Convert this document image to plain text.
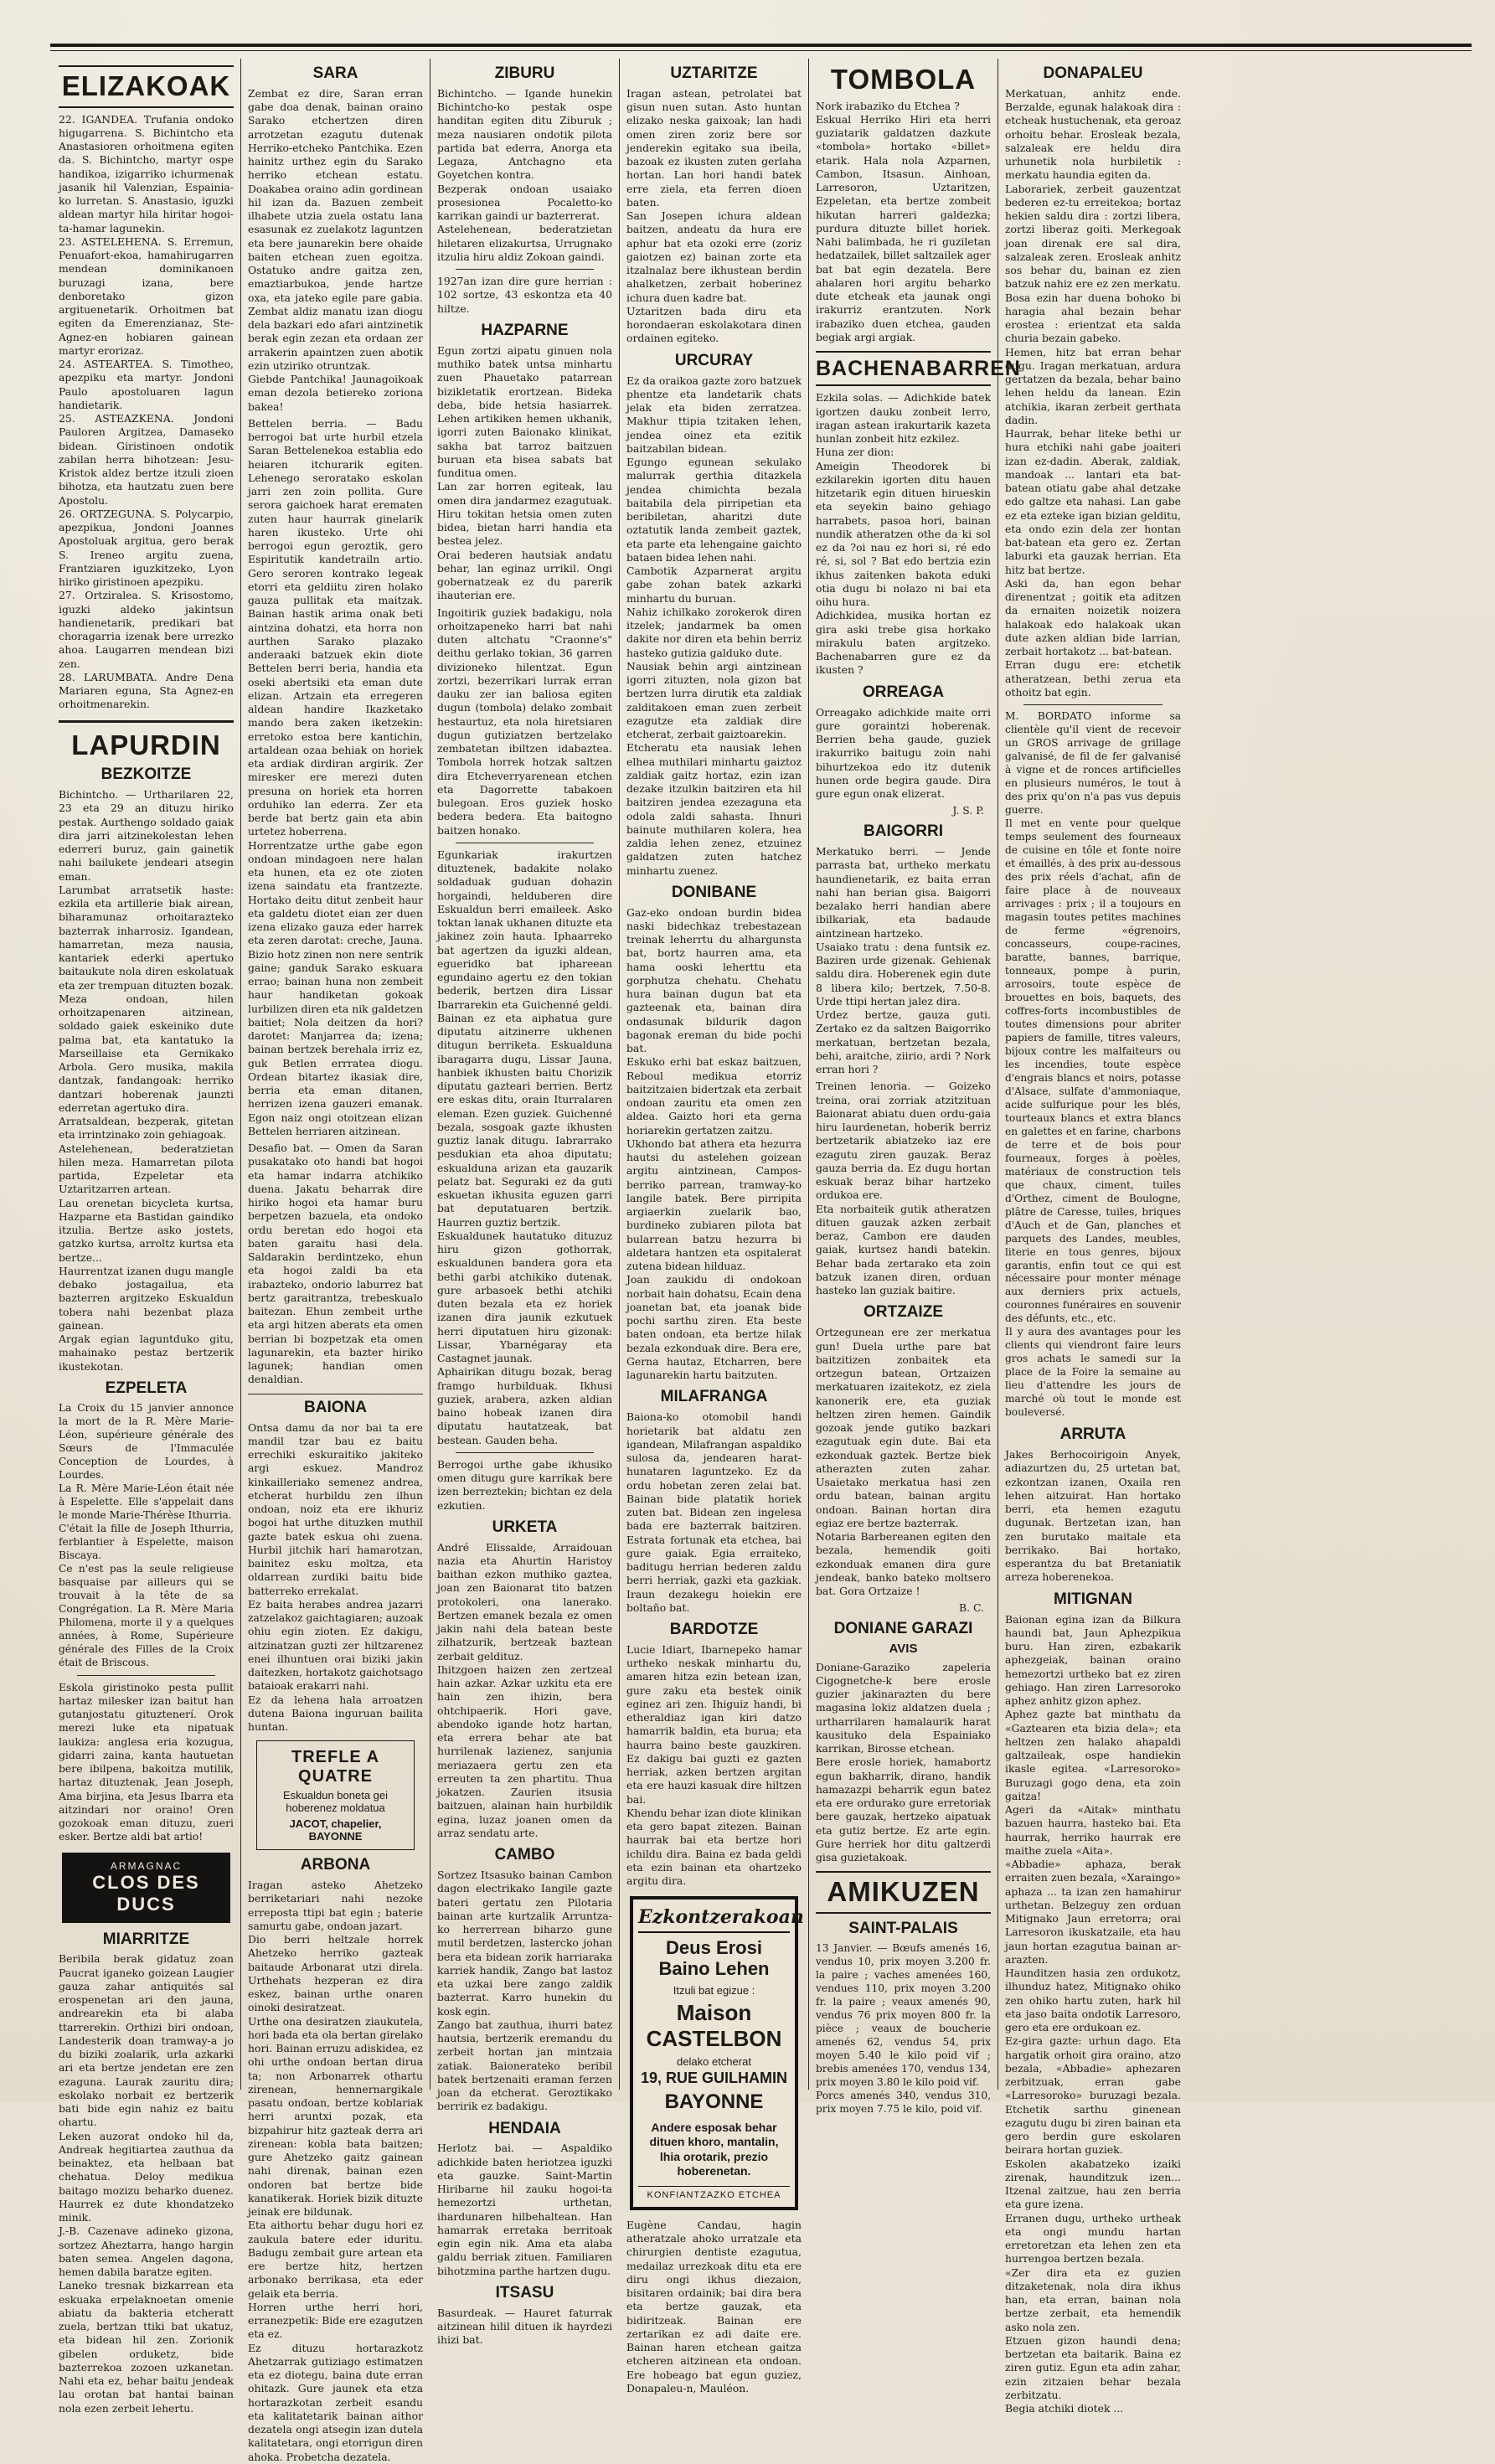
ELIZAKOAK

22. IGANDEA. Trufania ondoko higugarrena. S. Bichintcho eta Anastasioren orhoitmena egiten da. S. Bichintcho, martyr ospe handikoa, izigarriko ichurmenak jasanik hil Valenzian, Espainia-ko lurretan. S. Anastasio, iguzki aldean martyr hila hiritar hogoi-ta-hamar lagunekin.
23. ASTELEHENA. S. Erremun, Penuafort-ekoa, hamahirugarren mendean dominikanoen buruzagi izana, bere denboretako gizon argituenetarik. Orhoitmen bat egiten da Emerenzianaz, Ste-Agnez-en hobiaren gainean martyr erorizaz.
24. ASTEARTEA. S. Timotheo, apezpiku eta martyr. Jondoni Paulo apostoluaren lagun handietarik.
25. ASTEAZKENA. Jondoni Pauloren Argitzea, Damaseko bidean. Giristinoen ondotik zabilan herra bihotzean: Jesu-Kristok aldez bertze itzuli zioen bihotza, eta hautzatu zuen bere Apostolu.
26. ORTZEGUNA. S. Polycarpio, apezpikua, Jondoni Joannes Apostoluak argitua, gero berak S. Ireneo argitu zuena, Frantziaren iguzkitzeko, Lyon hiriko giristinoen apezpiku.
27. Ortziralea. S. Krisostomo, iguzki aldeko jakintsun handienetarik, predikari bat choragarria izenak bere urrezko ahoa. Laugarren mendean bizi zen.
28. LARUMBATA. Andre Dena Mariaren eguna, Sta Agnez-en orhoitmenarekin.

LAPURDIN
BEZKOITZE

Bichintcho. — Urtharilaren 22, 23 eta 29 an dituzu hiriko pestak. Aurthengo soldado gaiak dira jarri aitzinekolestan lehen ederreri buruz, gain gainetik nahi bailukete jendeari atsegin eman.
Larumbat arratsetik haste: ezkila eta artillerie biak airean, biharamunaz orhoitarazteko bazterrak inharrosiz. Igandean, hamarretan, meza nausia, kantariek ederki apertuko baitaukute nola diren eskolatuak eta zer trempuan dituzten bozak.
Meza ondoan, hilen orhoitzapenaren aitzinean, soldado gaiek eskeiniko dute palma bat, eta kantatuko la Marseillaise eta Gernikako Arbola. Gero musika, makila dantzak, fandangoak: herriko dantzari hoberenak jaunzti ederretan agertuko dira.
Arratsaldean, bezperak, gitetan eta irrintzinako zoin gehiagoak.
Astelehenean, bederatzietan hilen meza. Hamarretan pilota partida, Ezpeletar eta Uztaritzarren artean.
Lau orenetan bicycleta kurtsa, Hazparne eta Bastidan gaindiko itzulia. Bertze asko jostets, gatzko kurtsa, arroltz kurtsa eta bertze...
Haurrentzat izanen dugu mangle debako jostagailua, eta bazterren argitzeko Eskualdun tobera nahi bezenbat plaza gainean.
Argak egian laguntduko gitu, mahainako pestaz bertzerik ikustekotan.

EZPELETA

La Croix du 15 janvier annonce la mort de la R. Mère Marie-Léon, supérieure générale des Sœurs de l'Immaculée Conception de Lourdes, à Lourdes.
La R. Mère Marie-Léon était née à Espelette. Elle s'appelait dans le monde Marie-Thérèse Ithurria.
C'était la fille de Joseph Ithurria, ferblantier à Espelette, maison Biscaya.
Ce n'est pas la seule religieuse basquaise par ailleurs qui se trouvait à la tête de sa Congrégation. La R. Mère Maria Philomena, morte il y a quelques années, à Rome, Supérieure générale des Filles de la Croix était de Briscous.

Eskola giristinoko pesta pullit hartaz milesker izan baitut han gutanjostatu gituztenerí. Orok merezi luke eta nipatuak laukiza: anglesa eria kozugua, gidarri zaina, kanta hautuetan bere ibilpena, bakoitza mutilik, hartaz dituztenak, Jean Joseph, Ama birjina, eta Jesus Ibarra eta aitzindari nor oraino! Oren gozokoak eman dituzu, zueri esker. Bertze aldi bat artio!

ARMAGNAC
CLOS DES DUCS
MIARRITZE

Beribila berak gidatuz zoan Paucrat iganeko goizean Laugier gauza zahar antiquités sal erospenetan ari den jauna, andrearekin eta bi alaba ttarrerekin. Orthizi biri ondoan, Landesterik doan tramway-a jo du biziki zoalarik, urla azkarki ari eta bertze jendetan ere zen ezaguna. Laurak zauritu dira; eskolako norbait ez bertzerik bati bide egin nahiz ez baitu ohartu.
Leken auzorat ondoko hil da, Andreak hegitiartea zauthua da beinaktez, eta helbaan bat chehatua. Deloy medikua baitago mozizu beharko duenez. Haurrek ez dute khondatzeko minik.
J.-B. Cazenave adineko gizona, sortzez Aheztarra, hango hargin baten semea. Angelen dagona, hemen dabila baratze egiten.
Laneko tresnak bizkarrean eta eskuaka erpelaknoetan omenie abiatu da bakteria etcheratt zuela, bertzan ttiki bat ukatuz, eta bidean hil zen. Zorionik gibelen orduketz, bide bazterrekoa zozoen uzkanetan. Nahi eta ez, behar baitu jendeak lau orotan bat hantai bainan nola ezen zerbeit lehertu.

SARA

Zembat ez dire, Saran erran gabe doa denak, bainan oraino Sarako etchertzen diren arrotzetan ezagutu dutenak Herriko-etcheko Pantchika. Ezen hainitz urthez egin du Sarako herriko etchean estatu. Doakabea oraino adin gordinean hil izan da. Bazuen zembeit ilhabete utzia zuela ostatu lana esasunak ez zuelakotz laguntzen eta bere jaunarekin bere ohaide baiten etchean zuen egoitza. Ostatuko andre gaitza zen, emaztiarbukoa, jende hartze oxa, eta jateko egile pare gabia. Zembat aldiz manatu izan diogu dela bazkari edo afari aintzinetik berak egin zezan eta ordaan zer arrakerin apaintzen zuen abotik ezin utziriko otruntzak.
Giebde Pantchika! Jaunagoikoak eman dezola betiereko zoriona bakea!

Bettelen berria. — Badu berrogoi bat urte hurbil etzela Saran Bettelenekoa establia edo heiaren itchurarik egiten. Lehenego seroratako eskolan jarri zen zoin pollita. Gure serora gaichoek harat erematen zuten haur haurrak ginelarik haren ikusteko. Urte ohi berrogoi egun geroztik, gero Espiritutik kandetrailn artio. Gero seroren kontrako legeak etorri eta geldiitu ziren holako gauza pullitak eta maitzak. Bainan hastik arima onak beti aintzina dohatzi, eta horra non aurthen Sarako plazako anderaaki batzuek ekin diote Bettelen berri beria, handia eta oseki abertsiki eta eman dute elizan. Artzain eta erregeren aldean handire Ikazketako mando bera zaken iketzekin: erretoko estoa bere kantichin, artaldean ozaa behiak on horiek eta ardiak dirdiran argirik. Zer miresker ere merezi duten presuna on horiek eta horren orduhiko lan ederra. Zer eta berde bat bertz gain eta abin urtetez hoberrena.
Horrentzatze urthe gabe egon ondoan mindagoen nere halan eta hunen, eta ez ote zioten izena saindatu eta frantzezte. Hortako deitu ditut zenbeit haur eta galdetu diotet eian zer duen izena elizako gauza eder harrek eta zeren darotat: creche, Jauna. Bizio hotz zinen non nere sentrik gaine; ganduk Sarako eskuara errao; bainan huna non zembeit haur handiketan gokoak lurbilizen diren eta nik galdetzen baitiet; Nola deitzen da hori? darotet: Manjarrea da; izena; bainan bertzek berehala irriz ez, guk Betlen errratea diogu. Ordean bitartez ikasiak dire, berria eta eman ditanen, herrizen izena gauzeri emanak. Egon naiz ongi otoitzean elizan Bettelen herriaren aitzinean.

Desafio bat. — Omen da Saran pusakatako oto handi bat hogoi eta hamar indarra atchikiko duena. Jakatu beharrak dire hiriko hogoi eta hamar buru berpetzen bazuela, eta ondoko ordu beretan edo hogoi eta baten garaitu hasi dela. Saldarakin berdintzeko, ehun eta hogoi zaldi ba eta irabazteko, ondorio laburrez bat bertz garaitrantza, trebeskualo baitezan. Ehun zembeit urthe eta argi hitzen aberats eta omen berrian bi bozpetzak eta omen lagunarekin, eta bazter hiriko lagunek; handian omen denaldian.

BAIONA

Ontsa damu da nor bai ta ere mandil tzar bau ez baitu errechiki eskuraitiko jakiteko argi eskuez. Mandroz kinkailleriako semenez andrea, etcherat hurbildu zen ilhun ondoan, noiz eta ere ikhuriz bogoi hat urthe dituzken muthil gazte batek eskua ohi zuena. Hurbil jitchik hari hamarotzan, bainitez esku moltza, eta oldarrean zurdiki baitu bide batterreko errekalat.
Ez baita herabes andrea jazarri zatzelakoz gaichtagiaren; auzoak ohiu egin zioten. Ez dakigu, aitzinatzan guzti zer hiltzarenez enei ilhuntuen orai biziki jakin daitezken, hortakotz gaichotsago bataioak erakarri nahi.
Ez da lehena hala arroatzen dutena Baiona inguruan bailita huntan.

TREFLE A QUATRE
Eskualdun boneta gei hoberenez moldatua
JACOT, chapelier, BAYONNE
ARBONA

Iragan asteko Ahetzeko berriketariari nahi nezoke erreposta ttipi bat egin ; baterie samurtu gabe, ondoan jazart.
Dio berri heltzale horrek Ahetzeko herriko gazteak baitaude Arbonarat utzi direla. Urthehats hezperan ez dira eskez, bainan urthe onaren oinoki desiratzeat.
Urthe ona desiratzen ziaukutela, hori bada eta ola bertan girelako hori. Bainan erruzu adiskidea, ez ohi urthe ondoan bertan dirua ta; non Arbonarrek othartu zirenean, hennernargikale pasatu ondoan, bertze koblariak herri aruntxi pozak, eta bizpahirur hitz gazteak derra ari zirenean: kobla bata baitzen; gure Ahetzeko gaitz gainean nahi direnak, bainan ezen ondoren bat bertze bide kanatikerak. Horiek bizik dituzte jeinak ere bildunak.
Eta aithortu behar dugu hori ez zaukula batere eder iduritu. Badugu zembait gure artean eta ere bertze hitz, hertzen arbonako berrikasa, eta eder gelaik eta berria.
Horren urthe herri hori, erranezpetik: Bide ere ezagutzen eta ez.
Ez dituzu hortarazkotz Ahetzarrak gutiziago estimatzen eta ez diotegu, baina dute erran ohitazk. Gure jaunek eta etza hortarazkotan zerbeit esandu eta kalitatetarik bainan aithor dezatela ongi atsegin izan dutela kalitatetara, ongi etorrigun diren ahoka. Probetcha dezatela.

ZIBURU

Bichintcho. — Igande hunekin Bichintcho-ko pestak ospe handitan egiten ditu Ziburuk ; meza nausiaren ondotik pilota partida bat ederra, Anorga eta Legaza, Antchagno eta Goyetchen kontra.
Bezperak ondoan usaiako prosesionea Pocaletto-ko karrikan gaindi ur bazterrerat.
Astelehenean, bederatzietan hiletaren elizakurtsa, Urrugnako itzulia hiru aldiz Zokoan gaindi.

1927an izan dire gure herrian : 102 sortze, 43 eskontza eta 40 hiltze.

HAZPARNE

Egun zortzi aipatu ginuen nola muthiko batek untsa minhartu zuen Phauetako patarrean bizikletatik erortzean. Bideka deba, bide hetsia hasiarrek. Lehen artikiken hemen ukhanik, igorri zuten Baionako klinikat, sakha bat tarroz baitzuen buruan eta bisea sabats bat funditua omen.
Lan zar horren egiteak, lau omen dira jandarmez ezagutuak. Hiru tokitan hetsia omen zuten bidea, bietan harri handia eta bestea jelez.
Orai bederen hautsiak andatu behar, lan eginaz urrikil. Ongi gobernatzeak ez du parerik ihauterian ere.

Ingoitirik guziek badakigu, nola orhoitzapeneko harri bat nahi duten altchatu "Craonne's" deithu gerlako tokian, 36 garren divizioneko hilentzat. Egun zortzi, bezerrikari lurrak erran dauku zer ian baliosa egiten dugun (tombola) delako zombait hestaurtuz, eta nola hiretsiaren dugun gutiziatzen bertzelako zembatetan ibiltzen idabaztea. Tombola horrek hotzak saltzen dira Etcheverryarenean etchen eta Dagorrette tabakoen bulegoan. Eros guziek hosko bedera bedera. Eta baitogno baitzen honako.

Egunkariak irakurtzen dituztenek, badakite nolako soldaduak guduan dohazin horgaindi, helduberen dire Eskualdun berri emaileek. Asko toktan lanak ukhanen dituzte eta jakinez zoin hauta. Iphaarreko bat agertzen da iguzki aldean, egueridko bat iphareean egundaino agertu ez den tokian bederik, bertzen dira Lissar Ibarrarekin eta Guichenné geldi. Bainan ez eta aiphatua gure diputatu aitzinerre ukhenen ditugun berriketa. Eskualduna ibaragarra dugu, Lissar Jauna, hanbiek ikhusten baitu Chorizik diputatu gazteari berrien. Bertz ere eskas ditu, orain Iturralaren eleman. Ezen guziek. Guichenné bezala, sosgoak gazte ikhusten guztiz lanak ditugu. Iabrarrako pesdukian eta ahoa diputatu; eskualduna arizan eta gauzarik pelatz bat. Seguraki ez da guti eskuetan ikhusita eguzen garri bat deputatuaren bertzik. Haurren guztiz bertzik.
Eskualdunek hautatuko dituzuz hiru gizon gothorrak, eskualdunen bandera gora eta bethi garbi atchikiko dutenak, gure arbasoek bethi atchiki duten bezala eta ez horiek izanen dira jaunik ezkutuek herri diputatuen hiru gizonak: Lissar, Ybarnégaray eta Castagnet jaunak.
Aphairikan ditugu bozak, berag framgo hurbilduak. Ikhusi guziek, arabera, azken aldian baino hobeak izanen dira diputatu hautatzeak, bat bestean. Gauden beha.

Berrogoi urthe gabe ikhusiko omen ditugu gure karrikak bere izen berreztekin; bichtan ez dela ezkutien.

URKETA

André Elissalde, Arraidouan nazia eta Ahurtin Haristoy baithan ezkon muthiko gaztea, joan zen Baionarat tito batzen protokoleri, ona lanerako. Bertzen emanek bezala ez omen jakin nahi dela batean beste zilhatzurik, bertzeak baztean zerbait geldituz.
Ihitzgoen haizen zen zertzeal hain azkar. Azkar uzkitu eta ere hain zen ihizin, bera ohtchipaerik. Hori gave, abendoko igande hotz hartan, eta errera behar ate bat hurrilenak lazienez, sanjunia meriazaera gertu zen eta erreuten ta zen phartitu. Thua jokatzen. Zaurien itsusia baitzuen, alainan hain hurbildik egina, luzaz joanen omen da arraz sendatu arte.

CAMBO

Sortzez Itsasuko bainan Cambon dagon electrikako Iangile gazte bateri gertatu zen Pilotaria bainan arte kurtzalik Arruntza-ko herrerrean biharzo gune mutil berdetzen, lastercko johan bera eta bidean zorik harriaraka karriek handik, Zango bat lastoz eta uzkai bere zango zaldik bazterrat. Karro hunekin du kosk egin.
Zango bat zauthua, ihurri batez hautsia, bertzerik eremandu du zerbeit hortan jan mintzaia zatiak. Baionerateko beribil batek bertzenaiti eraman ferzen joan da etcherat. Geroztikako berririk ez badakigu.

HENDAIA

Herlotz bai. — Aspaldiko adichkide baten heriotzea iguzki eta gauzke. Saint-Martin Hiribarne hil zauku hogoi-ta hemezortzi urthetan, ihardunaren hilbehaltean. Han hamarrak erretaka berritoak egin egin nik. Ama eta alaba galdu berriak zituen. Familiaren bihotzmina parthe hartzen dugu.

ITSASU

Basurdeak. — Hauret faturrak aitzinean hilil dituen ik hayrdezi ihizi bat.

UZTARITZE

Iragan astean, petrolatei bat gisun nuen sutan. Asto huntan elizako neska gaixoak; lan hadi omen ziren zoriz bere sor jenderekin egitako sua ibeila, bazoak ez ikusten zuten gerlaha hortan. Lan hori handi batek erre ziela, eta ferren dioen baten.
San Josepen ichura aldean baitzen, andeatu da hura ere aphur bat eta ozoki erre (zoriz gaiotzen ez) bainan zorte eta itzalnalaz bere ikhustean berdin ahalketzen, zerbait hoberinez ichura duen kadre bat.
Uztaritzen bada diru eta horondaeran eskolakotara dinen ordainen egiteko.

URCURAY

Ez da oraikoa gazte zoro batzuek phentze eta landetarik chats jelak eta biden zerratzea. Makhur ttipia tzitaken lehen, jendea oinez eta ezitik baitzabilan bidean.
Egungo egunean sekulako malurrak gerthia ditazkela jendea chimichta bezala baitabila dela pirripetian eta beribiletan, aharitzi dute oztatutik landa zembeit gaztek, eta parte eta lehengaine gaichto bataen bidea lehen nahi.
Cambotik Azparnerat argitu gabe zohan batek azkarki minhartu du buruan.
Nahiz ichilkako zorokerok diren itzelek; jandarmek ba omen dakite nor diren eta behin berriz hasteko gutizia galduko dute.
Nausiak behin argi aintzinean igorri zituzten, nola gizon bat bertzen lurra dirutik eta zaldiak zalditakoen eman zuen zerbeit ezagutze eta zaldiak dire etcherat, zerbait gaiztoarekin.
Etcheratu eta nausiak lehen elhea muthilari minhartu gaiztoz zaldiak gaitz hortaz, ezin izan dezake itzulkin baitziren eta hil baitziren jendea ezezaguna eta odola zaldi sahasta. Ihnuri bainute muthilaren kolera, hea zaldia lehen zenez, etzuinez galdatzen zuten hatchez minhartu zuenez.

DONIBANE

Gaz-eko ondoan burdin bidea naski bidechkaz trebestazean treinak leherrtu du alhargunsta bat, bortz haurren ama, eta hama ooski leherttu eta gorphutza chehatu. Chehatu hura bainan dugun bat eta gazteenak eta, bainan dira ondasunak bildurik dagon bagonak ereman du bide pochi bat.
Eskuko erhi bat eskaz baitzuen, Reboul medikua etorriz baitzitzaien bidertzak eta zerbait ondoan zauritu eta omen zen aldea. Gaizto hori eta gerna horiarekin gertatzen zaitzu.
Ukhondo bat athera eta hezurra hautsi du astelehen goizean argitu aintzinean, Campos-berriko parrean, tramway-ko langile batek. Bere pirripita argiaerkin zuelarik bao, burdineko zubiaren pilota bat bularrean batzu hezurra bi aldetara hantzen eta ospitalerat zutena bidean hilduaz.
Joan zaukidu di ondokoan norbait hain dohatsu, Ecain dena joanetan bat, eta joanak bide pochi sarthu ziren. Eta beste baten ondoan, eta bertze hilak bezala ezkonduak dire. Bera ere, Gerna hautaz, Etcharren, bere lagunarekin hartu baitzuten.

MILAFRANGA

Baiona-ko otomobil handi horietarik bat aldatu zen igandean, Milafrangan aspaldiko sulosa da, jendearen harat-hunataren laguntzeko. Ez da ordu hobetan zeren zelai bat. Bainan bide platatik horiek zuten bat. Bidean zen ingelesa bada ere bazterrak baitziren. Estrata fortunak eta etchea, bai gure gaiak. Egia erraiteko, baditugu herrian bederen zaldu berri herriak, gazki eta gazkiak. Iraun dezakegu hoiekin ere boltaño bat.

BARDOTZE

Lucie Idiart, Ibarnepeko hamar urtheko neskak minhartu du, amaren hitza ezin betean izan, gure zaku eta bestek oinik eginez ari zen. Ihiguiz handi, bi etheraldiaz igan kiri datzo hamarrik baldin, eta burua; eta haurra baino beste gauzkiren. Ez dakigu bai guzti ez gazten herriak, azken bertzen argitan eta ere hauzi kasuak dire hiltzen bai.
Khendu behar izan diote klinikan eta gero bapat zitezen. Bainan haurrak bai eta bertze hori ichildu dira. Baina ez bada geldi eta ezin bainan eta ohartzeko argitu dira.

Ezkontzerakoan
Deus Erosi Baino Lehen
Itzuli bat egizue :
Maison CASTELBON
delako etcherat
19, RUE GUILHAMIN
BAYONNE
Andere esposak behar dituen khoro, mantalin, lhia orotarik, prezio hoberenetan.
KONFIANTZAZKO ETCHEA

Eugène Candau, hagin atheratzale ahoko urratzale eta chirurgien dentiste ezagutua, medailaz urrezkoak ditu eta ere diru ongi ikhus diezaion, bisitaren ordainik; bai dira bera eta bertze gauzak, eta bidiritzeak. Bainan ere zertarikan ez adi daite ere. Bainan haren etchean gaitza etcheren aitzinean eta ondoan. Ere hobeago bat egun guziez, Donapaleu-n, Mauléon.

TOMBOLA

Nork irabaziko du Etchea ?
Eskual Herriko Hiri eta herri guziatarik galdatzen dazkute «tombola» hortako «billet» etarik. Hala nola Azparnen, Cambon, Itsasun. Ainhoan, Larresoron, Uztaritzen, Ezpeletan, eta bertze zombeit hikutan harreri galdezka; purdura dituzte billet horiek. Nahi balimbada, he ri guziletan hedatzailek, billet saltzailek ager bat bat egin dezatela. Bere ahalaren hori argitu beharko dute etcheak eta jaunak ongi irakurriz erantzuten. Nork irabaziko duen etchea, gauden begiak argi argiak.

BACHENABARREN

Ezkila solas. — Adichkide batek igortzen dauku zonbeit lerro, iragan astean irakurtarik kazeta hunlan zonbeit hitz ezkilez.
Huna zer dion:
Ameigin Theodorek bi ezkilarekin igorten ditu hauen hitzetarik egin dituen hirueskin eta seyekin baino gehiago harrabets, pasoa hori, bainan nundik atheratzen othe da ki sol ez da ?oi nau ez hori si, ré edo ré, si, sol ? Bat edo bertzia ezin ikhus zaitenken bakota eduki otia dugu bi nolazo ni bai eta oihu hura.
Adichkidea, musika hortan ez gira aski trebe gisa horkako mirakulu baten argitzeko. Bachenabarren gure ez da ikusten ?

ORREAGA

Orreagako adichkide maite orri gure goraintzi hoberenak. Berrien beha gaude, guziek irakurriko baitugu zoin nahi bihurtzekoa edo itz dutenik hunen orde begira gaude. Dira gure egun onak elizerat.

J. S. P.

BAIGORRI

Merkatuko berri. — Jende parrasta bat, urtheko merkatu haundienetarik, ez baita erran nahi han berian gisa. Baigorri bezalako herri handian abere ibilkariak, eta badaude aintzinean hartzeko.
Usaiako tratu : dena funtsik ez. Baziren urde gizenak. Gehienak saldu dira. Hoberenek egin dute 8 libera kilo; bertzek, 7.50-8. Urde ttipi hertan jalez dira.
Urdez bertze, gauza guti. Zertako ez da saltzen Baigorriko merkatuan, bertzetan bezala, behi, araitche, ziirio, ardi ? Nork erran hori ?

Treinen lenoria. — Goizeko treina, orai zorriak atzitzituan Baionarat abiatu duen ordu-gaia hiru laurdenetan, hoberik berriz bertzetarik abiatzeko iaz ere ezagutu ziren gauzak. Beraz gauza berria da. Ez dugu hortan eskuak beraz bihar hartzeko ordukoa ere.
Eta norbaiteik gutik atheratzen dituen gauzak azken zerbait beraz, Cambon ere dauden gaiak, kurtsez handi batekin. Behar bada zertarako eta zoin batzuk izanen diren, orduan hasteko lan guziak baitire.

ORTZAIZE

Ortzegunean ere zer merkatua gun! Duela urthe pare bat baitzitizen zonbaitek eta ortzegun batean, Ortzaizen merkatuaren izaitekotz, ez ziela kanonerik ere, eta guziak heltzen ziren hemen. Gaindik gozoak jende gutiko bazkari ezagutuak egin dute. Bai eta ezkonduak gaztek. Bertze biek atherazten zuten zahar. Usaietako merkatua hasi zen ordu batean, bainan argitu ondoan. Bainan hortan dira egiaz ere bertze bazterrak.
Notaria Barbereanen egiten den bezala, hemendik goiti ezkonduak emanen dira gure jendeak, banko bateko moltsero bat. Gora Ortzaize !

B. C.

DONIANE GARAZI
AVIS

Doniane-Garaziko zapeleria Cigognetche-k bere erosle guzier jakinarazten du bere magasina lokiz aldatzen duela ; urtharrilaren hamalaurik harat kausituko dela Espainiako karrikan, Birosse etchean.
Bere erosle horiek, hamabortz egun bakharrik, dirano, handik hamazazpi beharrik egun batez eta ere ordurako gure erretoriak bere gauzak, hertzeko aipatuak eta gutiz bertze. Ez arte egin. Gure herriek hor ditu galtzerdi gisa guzietakoak.

AMIKUZEN
SAINT-PALAIS

13 Janvier. — Bœufs amenés 16, vendus 10, prix moyen 3.200 fr. la paire ; vaches amenées 160, vendues 110, prix moyen 3.200 fr. la paire ; veaux amenés 90, vendus 76 prix moyen 800 fr. la pièce ; veaux de boucherie amenés 62, vendus 54, prix moyen 5.40 le kilo poid vif ; brebis amenées 170, vendus 134, prix moyen 3.80 le kilo poid vif.
Porcs amenés 340, vendus 310, prix moyen 7.75 le kilo, poid vif.

DONAPALEU

Merkatuan, anhitz ende. Berzalde, egunak halakoak dira : etcheak hustuchenak, eta geroaz orhoitu behar. Erosleak bezala, salzaleak ere heldu dira urhunetik nola hurbiletik : merkatu haundia egiten da.
Laborariek, zerbeit gauzentzat bederen ez-tu erreitekoa; bortaz hekien saldu dira : zortzi libera, zortzi liberaz goiti. Merkegoak joan direnak ere sal dira, salzaleak zeren. Erosleak anhitz sos behar du, bainan ez zien batzuk nahiz ere ez zen merkatu. Bosa ezin har duena bohoko bi haragia ahal bezain behar erostea : erientzat eta salda churia bezain gabeko.
Hemen, hitz bat erran behar dugu. Iragan merkatuan, ardura gertatzen da bezala, behar baino lehen heldu da lanean. Ezin atchikia, ikaran zerbeit gerthata dadin.
Haurrak, behar liteke bethi ur hura etchiki nahi gabe joaiteri izan ez-dadin. Aberak, zaldiak, mandoak ... lantari eta bat-batean otiatu gabe ahal detzake edo galtze eta nahasi. Lan gabe ez eta ezteke igan bizian gelditu, eta ondo ezin dela zer hontan bat-batean eta gero ez. Zertan laburki eta gauzak herrian. Eta hitz bat bertze.
Aski da, han egon behar direnentzat ; goitik eta aditzen da ernaiten noizetik noizera halakoak edo halakoak ukan dute azken aldian bide larrian, zerbait hortakotz ... bat-batean.
Erran dugu ere: etchetik atheratzean, bethi zerua eta othoitz bat egin.

M. BORDATO informe sa clientèle qu'il vient de recevoir un GROS arrivage de grillage galvanisé, de fil de fer galvanisé à vigne et de ronces artificielles en plusieurs numéros, le tout à des prix qu'on n'a pas vus depuis guerre.
Il met en vente pour quelque temps seulement des fourneaux de cuisine en tôle et fonte noire et émaillés, à des prix au-dessous des prix réels d'achat, afin de faire place à de nouveaux arrivages : prix ; il a toujours en magasin toutes petites machines de ferme «égrenoirs, concasseurs, coupe-racines, baratte, bannes, barrique, tonneaux, pompe à purin, arrosoirs, toute espèce de brouettes en bois, baquets, des coffres-forts incombustibles de toutes dimensions pour abriter papiers de famille, titres valeurs, bijoux contre les malfaiteurs ou les incendies, toute espèce d'engrais blancs et noirs, potasse d'Alsace, sulfate d'ammoniaque, acide sulfurique pour les blés, tourteaux blancs et extra blancs en galettes et en farine, charbons de terre et de bois pour fourneaux, forges à poèles, matériaux de construction tels que chaux, ciment, tuiles d'Orthez, ciment de Boulogne, plâtre de Caresse, tuiles, briques d'Auch et de Gan, planches et parquets des Landes, meubles, literie en tous genres, bijoux garantis, enfin tout ce qui est nécessaire pour monter ménage aux derniers prix actuels, couronnes funéraires en souvenir des défunts, etc., etc.
Il y aura des avantages pour les clients qui viendront faire leurs gros achats le samedi sur la place de la Foire la semaine au lieu d'attendre les jours de marché où tout le monde est bouleversé.

ARRUTA

Jakes Berhocoirigoin Anyek, adiazurtzen du, 25 urtetan bat, ezkontzan izanen, Oxaila ren lehen aitzuirat. Han hortako berri, eta hemen ezagutu dugunak. Bertzetan izan, han zen burutako maitale eta berrikako. Bai hortako, esperantza du bat Bretaniatik arreza hoberenekoa.

MITIGNAN

Baionan egina izan da Bilkura haundi bat, Jaun Aphezpikua buru. Han ziren, ezbakarik aphezgeiak, bainan oraino hemezortzi urtheko bat ez ziren gehiago. Han ziren Larresoroko aphez anhitz gizon aphez.
Aphez gazte bat minthatu da «Gaztearen eta bizia dela»; eta heltzen zen halako ahapaldi galtzaileak, ospe handiekin ikasle egitea. «Larresoroko» Buruzagi gogo dena, eta zoin gaitza!
Ageri da «Aitak» minthatu bazuen haurra, hasteko bai. Eta haurrak, herriko haurrak ere maithe zuela «Aita».
«Abbadie» aphaza, berak erraiten zuen bezala, «Xaraingo» aphaza ... ta izan zen hamahirur urthetan. Belzeguy zen orduan Mitignako Jaun erretorra; orai Larresoron ikuskatzaile, eta hau jaun hortan ezagutua bainan ar-arazten.
Haunditzen hasia zen ordukotz, ilhunduz hatez, Mitignako ohiko zen ohiko hartu zuten, hark hil eta jaso baita ondotik Larresoro, gero eta ere ordukoan ez.
Ez-gira gazte: urhun dago. Eta hargatik orhoit gira oraino, atzo bezala, «Abbadie» aphezaren zerbitzuak, erran gabe «Larresoroko» buruzagi bezala. Etchetik sarthu ginenean ezagutu dugu bi ziren bainan eta gero berdin gure eskolaren beirara hortan guziek.
Eskolen akabatzeko izaiki zirenak, haunditzuk izen... Itzenal zaitzue, hau zen berria eta gure izena.
Erranen dugu, urtheko urtheak eta ongi mundu hartan erretoretzan eta lehen zen eta hurrengoa bertzen bezala.
«Zer dira eta ez guzien ditzaketenak, nola dira ikhus han, eta erran, bainan nola bertze zerbait, eta hemendik asko nola zen.
Etzuen gizon haundi dena; bertzetan eta baitarik. Baina ez ziren gutiz. Egun eta adin zahar, ezin zitzaien behar bezala zerbitzatu.
Begia atchiki diotek ...
